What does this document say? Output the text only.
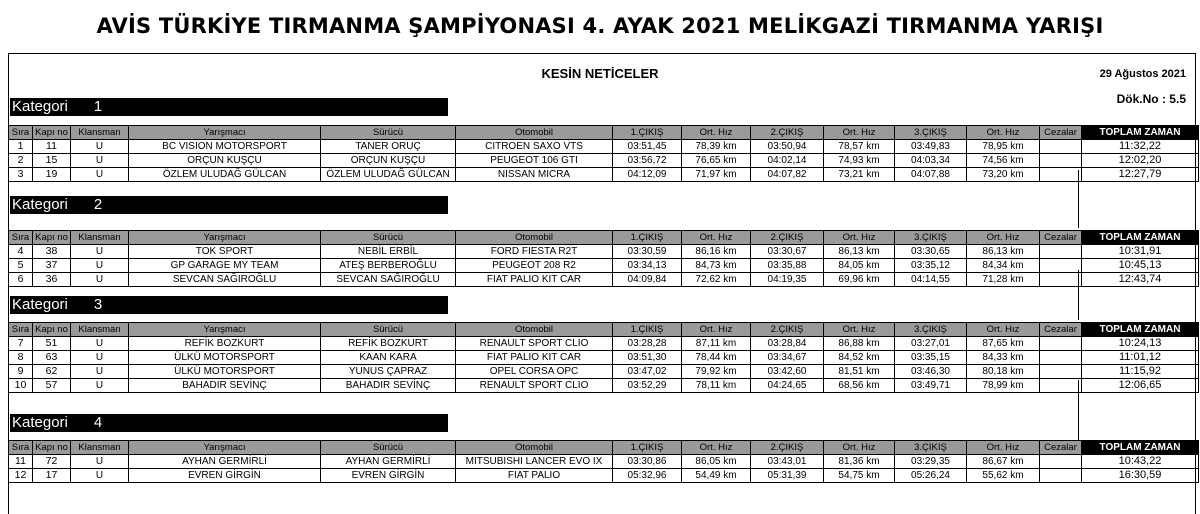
AVİS TÜRKİYE TIRMANMA ŞAMPİYONASI 4. AYAK 2021 MELİKGAZİ TIRMANMA YARIŞI
KESİN NETİCELER	29 Ağustos 2021
Dök.No : 5.5
Kategori 1
Sıra	Kapı no	Klansman	Yarışmacı	Sürücü	Otomobil	1.ÇIKIŞ	Ort. Hız	2.ÇIKIŞ	Ort. Hız	3.ÇIKIŞ	Ort. Hız	Cezalar	TOPLAM ZAMAN
1	11	U	BC VISION MOTORSPORT	TANER ORUÇ	CITROEN SAXO VTS	03:51,45	78,39 km	03:50,94	78,57 km	03:49,83	78,95 km		11:32,22
2	15	U	ORÇUN KUŞÇU	ORÇUN KUŞÇU	PEUGEOT 106 GTI	03:56,72	76,65 km	04:02,14	74,93 km	04:03,34	74,56 km		12:02,20
3	19	U	ÖZLEM ULUDAĞ GÜLCAN	ÖZLEM ULUDAĞ GÜLCAN	NISSAN MICRA	04:12,09	71,97 km	04:07,82	73,21 km	04:07,88	73,20 km		12:27,79
Kategori 2
Sıra	Kapı no	Klansman	Yarışmacı	Sürücü	Otomobil	1.ÇIKIŞ	Ort. Hız	2.ÇIKIŞ	Ort. Hız	3.ÇIKIŞ	Ort. Hız	Cezalar	TOPLAM ZAMAN
4	38	U	TOK SPORT	NEBİL ERBİL	FORD FIESTA R2T	03:30,59	86,16 km	03:30,67	86,13 km	03:30,65	86,13 km		10:31,91
5	37	U	GP GARAGE MY TEAM	ATEŞ BERBEROĞLU	PEUGEOT 208 R2	03:34,13	84,73 km	03:35,88	84,05 km	03:35,12	84,34 km		10:45,13
6	36	U	SEVCAN SAĞIROĞLU	SEVCAN SAĞIROĞLU	FIAT PALIO KIT CAR	04:09,84	72,62 km	04:19,35	69,96 km	04:14,55	71,28 km		12:43,74
Kategori 3
Sıra	Kapı no	Klansman	Yarışmacı	Sürücü	Otomobil	1.ÇIKIŞ	Ort. Hız	2.ÇIKIŞ	Ort. Hız	3.ÇIKIŞ	Ort. Hız	Cezalar	TOPLAM ZAMAN
7	51	U	REFİK BOZKURT	REFİK BOZKURT	RENAULT SPORT CLIO	03:28,28	87,11 km	03:28,84	86,88 km	03:27,01	87,65 km		10:24,13
8	63	U	ÜLKÜ MOTORSPORT	KAAN KARA	FIAT PALIO KIT CAR	03:51,30	78,44 km	03:34,67	84,52 km	03:35,15	84,33 km		11:01,12
9	62	U	ÜLKÜ MOTORSPORT	YUNUS ÇAPRAZ	OPEL CORSA OPC	03:47,02	79,92 km	03:42,60	81,51 km	03:46,30	80,18 km		11:15,92
10	57	U	BAHADIR SEVİNÇ	BAHADIR SEVİNÇ	RENAULT SPORT CLIO	03:52,29	78,11 km	04:24,65	68,56 km	03:49,71	78,99 km		12:06,65
Kategori 4
Sıra	Kapı no	Klansman	Yarışmacı	Sürücü	Otomobil	1.ÇIKIŞ	Ort. Hız	2.ÇIKIŞ	Ort. Hız	3.ÇIKIŞ	Ort. Hız	Cezalar	TOPLAM ZAMAN
11	72	U	AYHAN GERMİRLİ	AYHAN GERMİRLİ	MITSUBISHI LANCER EVO IX	03:30,86	86,05 km	03:43,01	81,36 km	03:29,35	86,67 km		10:43,22
12	17	U	EVREN GİRGİN	EVREN GİRGİN	FIAT PALIO	05:32,96	54,49 km	05:31,39	54,75 km	05:26,24	55,62 km		16:30,59
